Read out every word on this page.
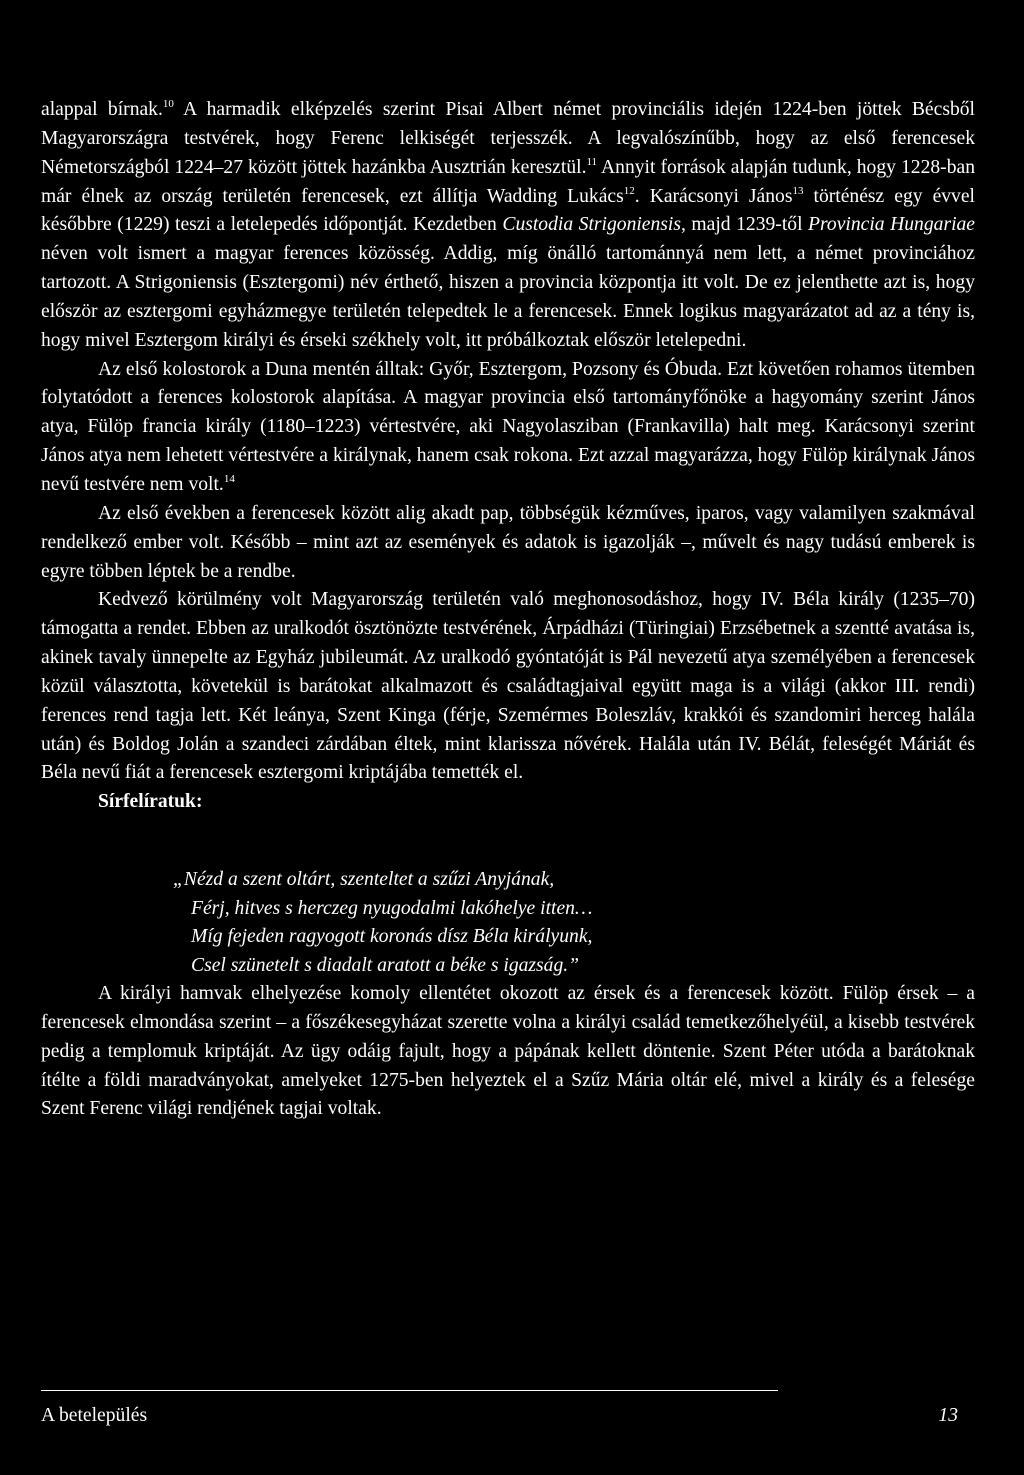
alappal bírnak.$^{10}$ A harmadik elképzelés szerint Pisai Albert német provinciális idején 1224-ben jöttek Bécsből Magyarországra testvérek, hogy Ferenc lelkiségét terjesszék. A legvalószínűbb, hogy az első ferencesek Németországból 1224–27 között jöttek hazánkba Ausztrián keresztül.$^{11}$ Annyit források alapján tudunk, hogy 1228-ban már élnek az ország területén ferencesek, ezt állítja Wadding Lukács$^{12}$. Karácsonyi János$^{13}$ történész egy évvel későbbre (1229) teszi a letelepedés időpontját. Kezdetben Custodia Strigoniensis, majd 1239-től Provincia Hungariae néven volt ismert a magyar ferences közösség. Addig, míg önálló tartománnyá nem lett, a német provinciához tartozott. A Strigoniensis (Esztergomi) név érthető, hiszen a provincia központja itt volt. De ez jelenthette azt is, hogy először az esztergomi egyházmegye területén telepedtek le a ferencesek. Ennek logikus magyarázatot ad az a tény is, hogy mivel Esztergom királyi és érseki székhely volt, itt próbálkoztak először letelepedni.

Az első kolostorok a Duna mentén álltak: Győr, Esztergom, Pozsony és Óbuda. Ezt követően rohamos ütemben folytatódott a ferences kolostorok alapítása. A magyar provincia első tartományfőnöke a hagyomány szerint János atya, Fülöp francia király (1180–1223) vértestvére, aki Nagyolasziban (Frankavilla) halt meg. Karácsonyi szerint János atya nem lehetett vértestvére a királynak, hanem csak rokona. Ezt azzal magyarázza, hogy Fülöp királynak János nevű testvére nem volt.$^{14}$

Az első években a ferencesek között alig akadt pap, többségük kézműves, iparos, vagy valamilyen szakmával rendelkező ember volt. Később – mint azt az események és adatok is igazolják –, művelt és nagy tudású emberek is egyre többen léptek be a rendbe.

Kedvező körülmény volt Magyarország területén való meghonosodáshoz, hogy IV. Béla király (1235–70) támogatta a rendet. Ebben az uralkodót ösztönözte testvérének, Árpádházi (Türingiai) Erzsébetnek a szentté avatása is, akinek tavaly ünnepelte az Egyház jubileumát. Az uralkodó gyóntatóját is Pál nevezetű atya személyében a ferencesek közül választotta, követekül is barátokat alkalmazott és családtagjaival együtt maga is a világi (akkor III. rendi) ferences rend tagja lett. Két leánya, Szent Kinga (férje, Szemérmes Boleszláv, krakkói és szandomiri herceg halála után) és Boldog Jolán a szandeci zárdában éltek, mint klarissza nővérek. Halála után IV. Bélát, feleségét Máriát és Béla nevű fiát a ferencesek esztergomi kriptájába temették el.

Sírfelíratuk:

„Nézd a szent oltárt, szenteltet a szűzi Anyjának,
Férj, hitves s herczeg nyugodalmi lakóhelye itten…
Míg fejeden ragyogott koronás dísz Béla királyunk,
Csel szünetelt s diadalt aratott a béke s igazság.”

A királyi hamvak elhelyezése komoly ellentétet okozott az érsek és a ferencesek között. Fülöp érsek – a ferencesek elmondása szerint – a főszékesegyházat szerette volna a királyi család temetkezőhelyéül, a kisebb testvérek pedig a templomuk kriptáját. Az ügy odáig fajult, hogy a pápának kellett döntenie. Szent Péter utóda a barátoknak ítélte a földi maradványokat, amelyeket 1275-ben helyeztek el a Szűz Mária oltár elé, mivel a király és a felesége Szent Ferenc világi rendjének tagjai voltak.

A betelepülés	13
